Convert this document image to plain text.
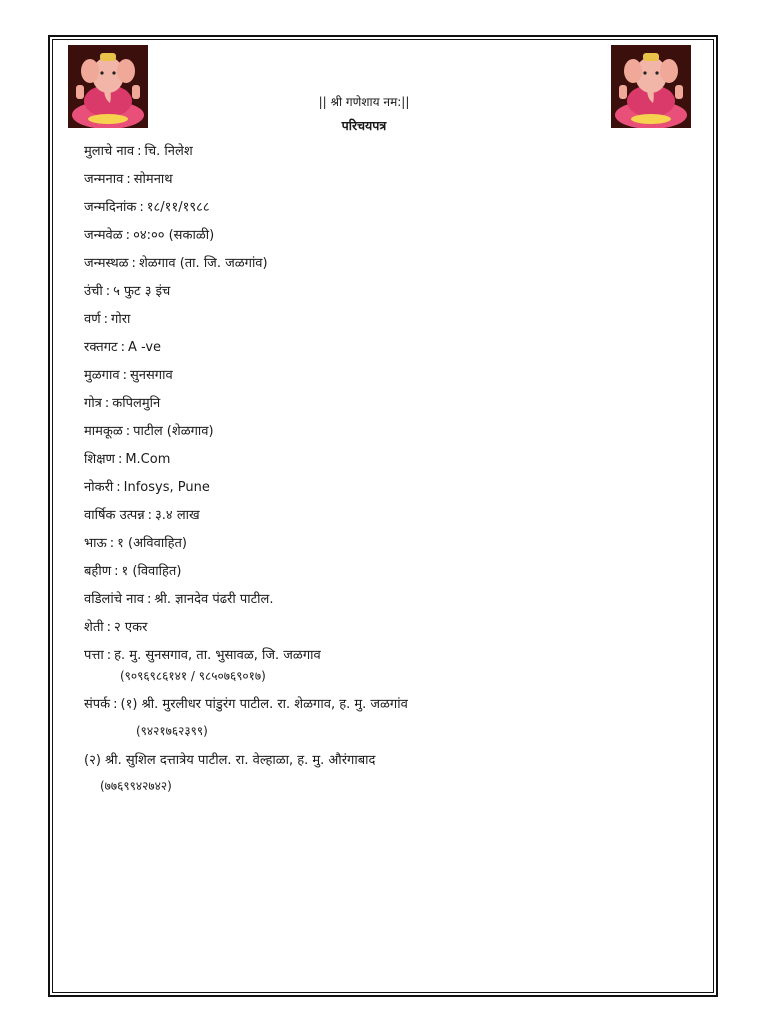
|| श्री गणेशाय नम:||
परिचयपत्र
मुलाचे नाव : चि. निलेश
जन्मनाव : सोमनाथ
जन्मदिनांक : १८/११/१९८८
जन्मवेळ : ०४:०० (सकाळी)
जन्मस्थळ : शेळगाव (ता. जि. जळगांव)
उंची : ५ फुट ३ इंच
वर्ण : गोरा
रक्तगट : A -ve
मुळगाव : सुनसगाव
गोत्र : कपिलमुनि
मामकूळ : पाटील (शेळगाव)
शिक्षण : M.Com
नोकरी : Infosys, Pune
वार्षिक उत्पन्न : ३.४ लाख
भाऊ : १ (अविवाहित)
बहीण : १ (विवाहित)
वडिलांचे नाव : श्री. ज्ञानदेव पंढरी पाटील.
शेती : २ एकर
पत्ता : ह. मु. सुनसगाव, ता. भुसावळ, जि. जळगाव
(९०९६९८६१४१ / ९८५०७६९०१७)
संपर्क : (१) श्री. मुरलीधर पांडुरंग पाटील. रा. शेळगाव, ह. मु. जळगांव
(९४२१७६२३९९)
(२) श्री. सुशिल दत्तात्रेय पाटील. रा. वेल्हाळा, ह. मु. औरंगाबाद
(७७६९९४२७४२)
